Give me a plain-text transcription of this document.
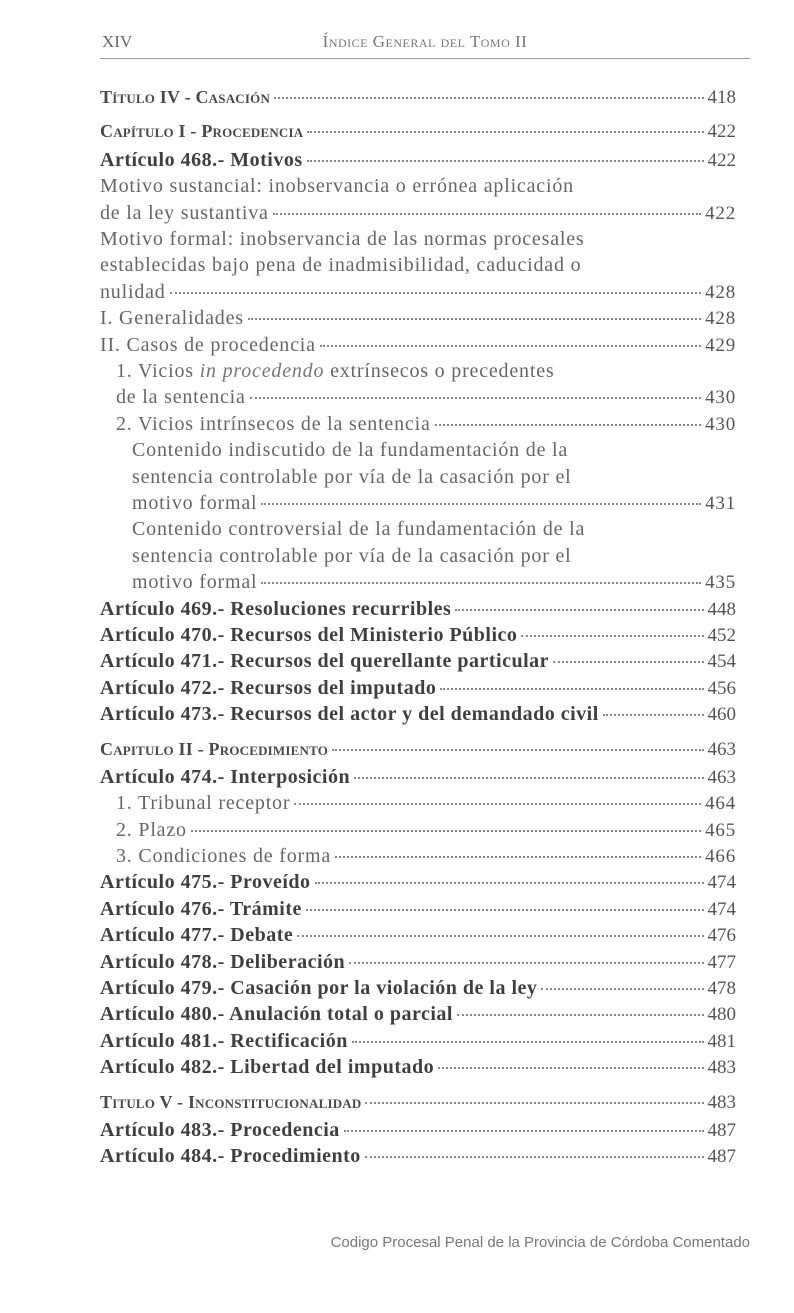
XIV	Índice General del Tomo II
Título IV - Casación	418
Capítulo I - Procedencia	422
Artículo 468.- Motivos	422
Motivo sustancial: inobservancia o errónea aplicación
de la ley sustantiva	422
Motivo formal: inobservancia de las normas procesales
establecidas bajo pena de inadmisibilidad, caducidad o
nulidad	428
I. Generalidades	428
II. Casos de procedencia	429
1. Vicios in procedendo extrínsecos o precedentes
de la sentencia	430
2. Vicios intrínsecos de la sentencia	430
Contenido indiscutido de la fundamentación de la
sentencia controlable por vía de la casación por el
motivo formal	431
Contenido controversial de la fundamentación de la
sentencia controlable por vía de la casación por el
motivo formal	435
Artículo 469.- Resoluciones recurribles	448
Artículo 470.- Recursos del Ministerio Público	452
Artículo 471.- Recursos del querellante particular	454
Artículo 472.- Recursos del imputado	456
Artículo 473.- Recursos del actor y del demandado civil	460
Capitulo II - Procedimiento	463
Artículo 474.- Interposición	463
1. Tribunal receptor	464
2. Plazo	465
3. Condiciones de forma	466
Artículo 475.- Proveído	474
Artículo 476.- Trámite	474
Artículo 477.- Debate	476
Artículo 478.- Deliberación	477
Artículo 479.- Casación por la violación de la ley	478
Artículo 480.- Anulación total o parcial	480
Artículo 481.- Rectificación	481
Artículo 482.- Libertad del imputado	483
Titulo V - Inconstitucionalidad	483
Artículo 483.- Procedencia	487
Artículo 484.- Procedimiento	487
Codigo Procesal Penal de la Provincia de Córdoba Comentado
